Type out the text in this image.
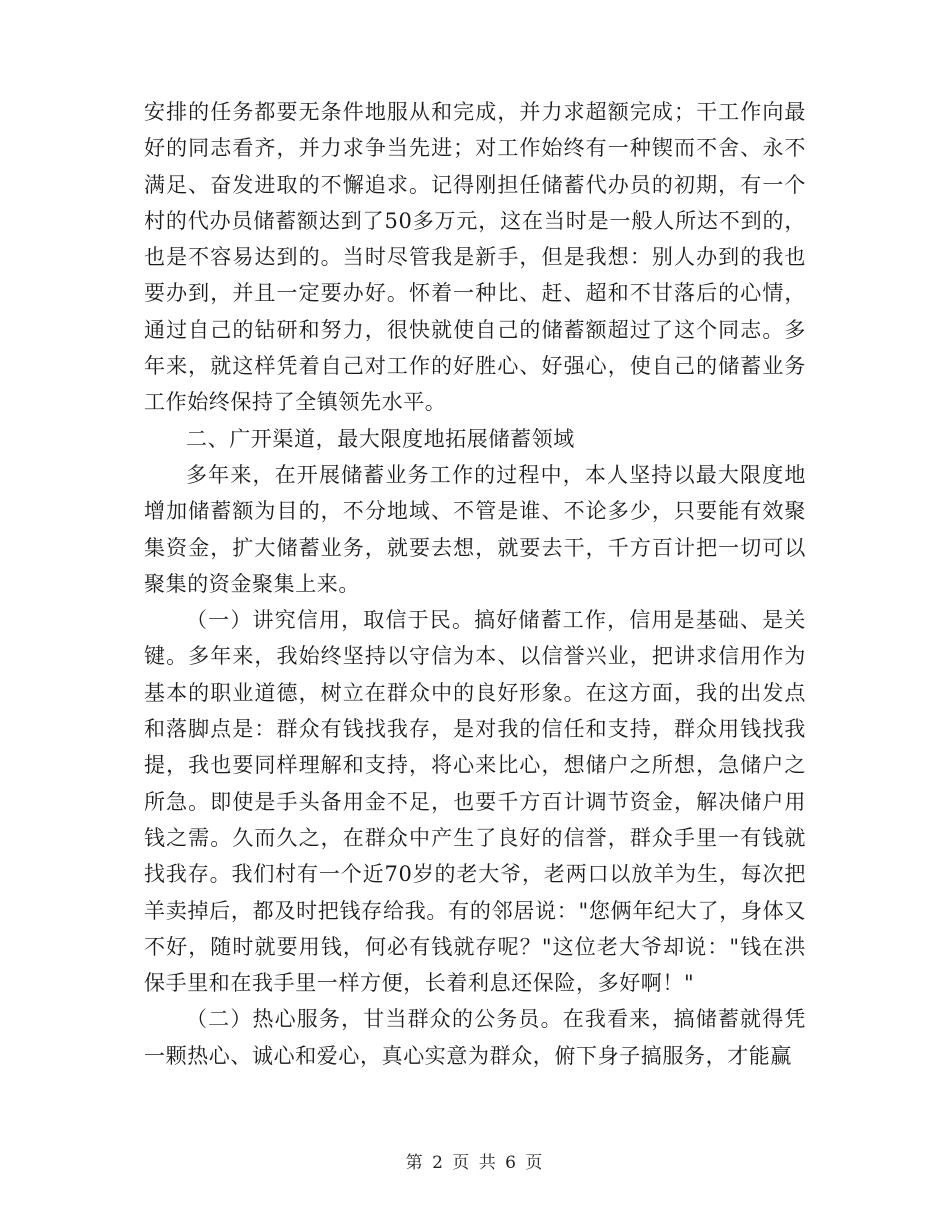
安排的任务都要无条件地服从和完成，并力求超额完成；干工作向最好的同志看齐，并力求争当先进；对工作始终有一种锲而不舍、永不满足、奋发进取的不懈追求。记得刚担任储蓄代办员的初期，有一个村的代办员储蓄额达到了50多万元，这在当时是一般人所达不到的，也是不容易达到的。当时尽管我是新手，但是我想：别人办到的我也要办到，并且一定要办好。怀着一种比、赶、超和不甘落后的心情，通过自己的钻研和努力，很快就使自己的储蓄额超过了这个同志。多年来，就这样凭着自己对工作的好胜心、好强心，使自己的储蓄业务工作始终保持了全镇领先水平。

二、广开渠道，最大限度地拓展储蓄领域

多年来，在开展储蓄业务工作的过程中，本人坚持以最大限度地增加储蓄额为目的，不分地域、不管是谁、不论多少，只要能有效聚集资金，扩大储蓄业务，就要去想，就要去干，千方百计把一切可以聚集的资金聚集上来。

（一）讲究信用，取信于民。搞好储蓄工作，信用是基础、是关键。多年来，我始终坚持以守信为本、以信誉兴业，把讲求信用作为基本的职业道德，树立在群众中的良好形象。在这方面，我的出发点和落脚点是：群众有钱找我存，是对我的信任和支持，群众用钱找我提，我也要同样理解和支持，将心来比心，想储户之所想，急储户之所急。即使是手头备用金不足，也要千方百计调节资金，解决储户用钱之需。久而久之，在群众中产生了良好的信誉，群众手里一有钱就找我存。我们村有一个近70岁的老大爷，老两口以放羊为生，每次把羊卖掉后，都及时把钱存给我。有的邻居说："您俩年纪大了，身体又不好，随时就要用钱，何必有钱就存呢？"这位老大爷却说："钱在洪保手里和在我手里一样方便，长着利息还保险，多好啊！"

（二）热心服务，甘当群众的公务员。在我看来，搞储蓄就得凭一颗热心、诚心和爱心，真心实意为群众，俯下身子搞服务，才能赢

第 2 页 共 6 页
